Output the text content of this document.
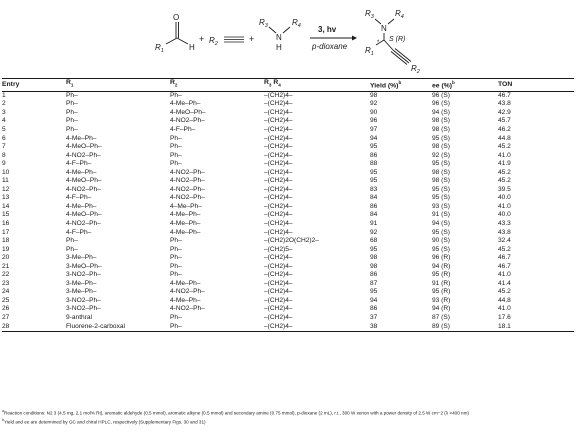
O
H
$R_1$
+ $R_2$	+
$R_3$	$R_4$
N
H
3, hv
p-dioxane
$R_3$	$R_4$
N
S (R)
*
$R_1$
$R_2$
Entry	$R_1$	$R_2$	$R_3$ $R_4$	Yield (%)$^b$	ee (%)$^b$	TON
1	Ph–	Ph–	–(CH2)4–	98	96 (S)	46.7
2	Ph–	4-Me–Ph–	–(CH2)4–	92	96 (S)	43.8
3	Ph–	4-MeO–Ph–	–(CH2)4–	90	94 (S)	42.9
4	Ph–	4-NO2–Ph–	–(CH2)4–	96	98 (S)	45.7
5	Ph–	4-F–Ph–	–(CH2)4–	97	98 (S)	46.2
6	4-Me–Ph–	Ph–	–(CH2)4–	94	95 (S)	44.8
7	4-MeO–Ph–	Ph–	–(CH2)4–	95	98 (S)	45.2
8	4-NO2–Ph–	Ph–	–(CH2)4–	86	92 (S)	41.0
9	4-F–Ph–	Ph–	–(CH2)4–	88	95 (S)	41.9
10	4-Me–Ph–	4-NO2–Ph–	–(CH2)4–	95	98 (S)	45.2
11	4-MeO–Ph–	4-NO2–Ph–	–(CH2)4–	95	98 (S)	45.2
12	4-NO2–Ph–	4-NO2–Ph–	–(CH2)4–	83	95 (S)	39.5
13	4-F–Ph–	4-NO2–Ph–	–(CH2)4–	84	95 (S)	40.0
14	4-Me–Ph–	4–Me–Ph–	–(CH2)4–	86	93 (S)	41.0
15	4-MeO–Ph–	4-Me–Ph–	–(CH2)4–	84	91 (S)	40.0
16	4-NO2–Ph–	4-Me–Ph–	–(CH2)4–	91	94 (S)	43.3
17	4-F–Ph–	4-Me–Ph–	–(CH2)4–	92	95 (S)	43.8
18	Ph–	Ph–	–(CH2)2O(CH2)2–	68	90 (S)	32.4
19	Ph–	Ph–	–(CH2)5–	95	95 (S)	45.2
20	3-Me–Ph–	Ph–	–(CH2)4–	98	96 (R)	46.7
21	3-MeO–Ph–	Ph–	–(CH2)4–	98	94 (R)	46.7
22	3-NO2–Ph–	Ph–	–(CH2)4–	86	95 (R)	41.0
23	3-Me–Ph–	4-Me–Ph–	–(CH2)4–	87	91 (R)	41.4
24	3-Me–Ph–	4-NO2–Ph–	–(CH2)4–	95	95 (R)	45.2
25	3-NO2–Ph–	4-Me–Ph–	–(CH2)4–	94	93 (R)	44.8
26	3-NO2–Ph–	4-NO2–Ph–	–(CH2)4–	86	94 (R)	41.0
27	9-anthral	Ph–	–(CH2)4–	37	87 (S)	17.6
28	Fluorene-2-carboxal	Ph–	–(CH2)4–	38	89 (S)	18.1

$^a$Reaction conditions: N2 3 (4.5 mg, 2.1 mol% Rt), aromatic aldehyde (0.5 mmol), aromatic alkyne (0.5 mmol) and secondary amine (0.75 mmol), p-dioxane (2 mL), r.t., 300 W xenon with a power density of 2.5 W cm−2 (λ >400 nm)

$^b$Yield and ee are determined by GC and chiral HPLC, respectively (Supplementary Figs. 30 and 31)
